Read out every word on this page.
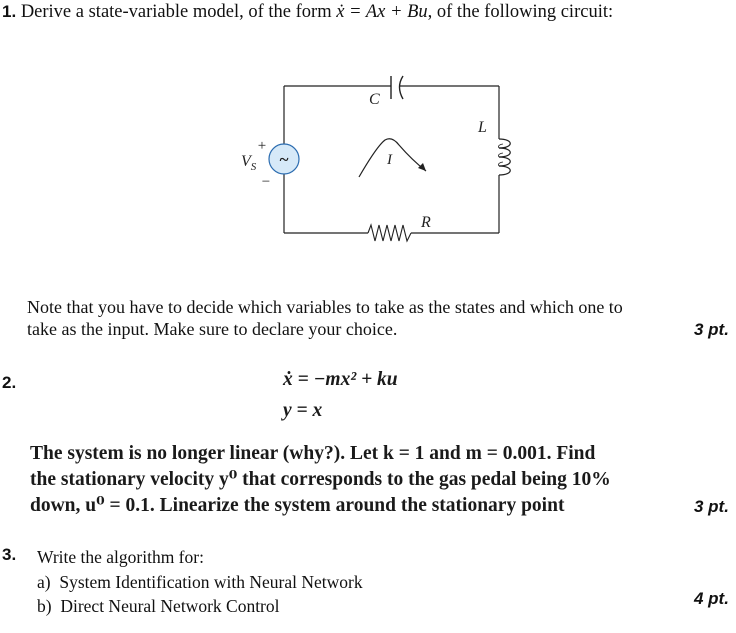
1. Derive a state-variable model, of the form ẋ = Ax + Bu, of the following circuit:
~
+
−
$V_S$
C
L
R
I
Note that you have to decide which variables to take as the states and which one to
take as the input. Make sure to declare your choice.	3 pt.
2.	ẋ = −mx² + ku
y = x
The system is no longer linear (why?). Let k = 1 and m = 0.001. Find
the stationary velocity y⁰ that corresponds to the gas pedal being 10%
down, u⁰ = 0.1. Linearize the system around the stationary point	3 pt.
3. Write the algorithm for:
a) System Identification with Neural Network
b) Direct Neural Network Control	4 pt.
